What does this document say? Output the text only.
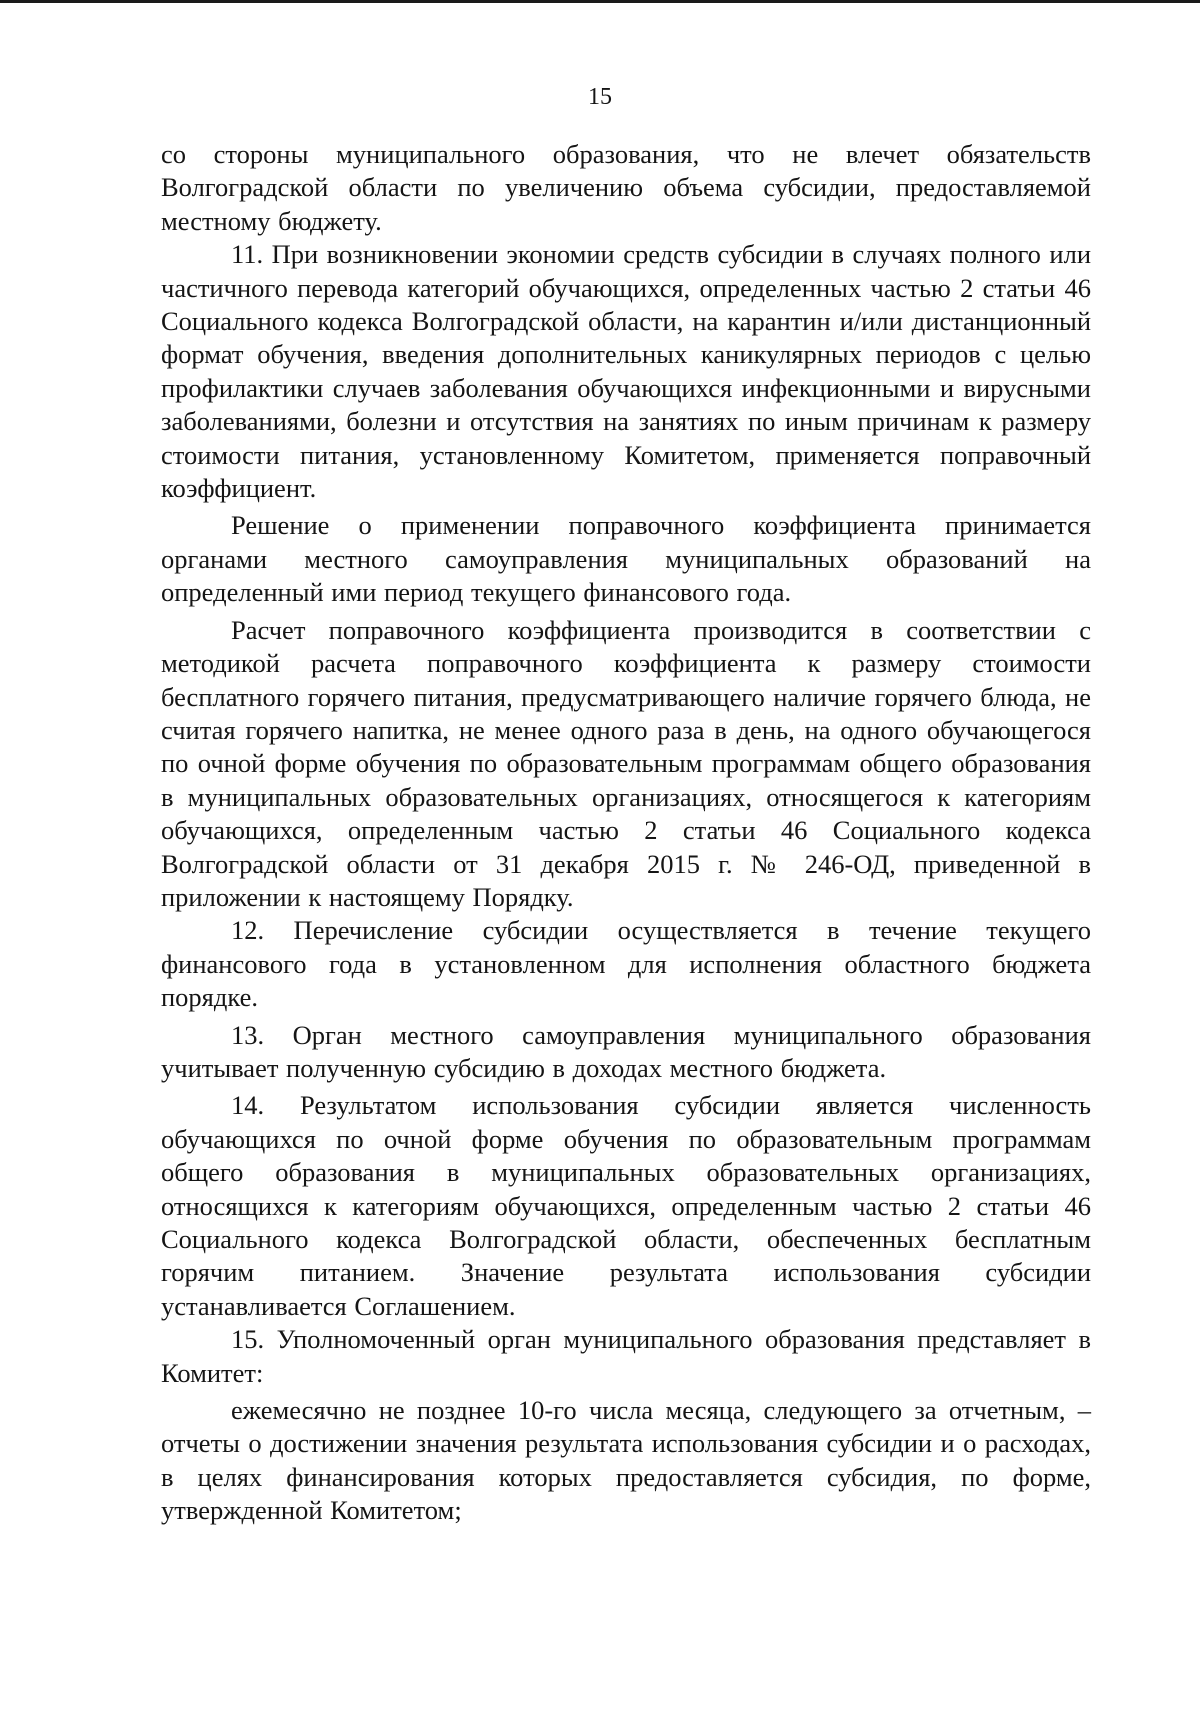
15

со стороны муниципального образования, что не влечет обязательств Волгоградской области по увеличению объема субсидии, предоставляемой местному бюджету.

11. При возникновении экономии средств субсидии в случаях полного или частичного перевода категорий обучающихся, определенных частью 2 статьи 46 Социального кодекса Волгоградской области, на карантин и/или дистанционный формат обучения, введения дополнительных каникулярных периодов с целью профилактики случаев заболевания обучающихся инфекционными и вирусными заболеваниями, болезни и отсутствия на занятиях по иным причинам к размеру стоимости питания, установленному Комитетом, применяется поправочный коэффициент.

Решение о применении поправочного коэффициента принимается органами местного самоуправления муниципальных образований на определенный ими период текущего финансового года.

Расчет поправочного коэффициента производится в соответствии с методикой расчета поправочного коэффициента к размеру стоимости бесплатного горячего питания, предусматривающего наличие горячего блюда, не считая горячего напитка, не менее одного раза в день, на одного обучающегося по очной форме обучения по образовательным программам общего образования в муниципальных образовательных организациях, относящегося к категориям обучающихся, определенным частью 2 статьи 46 Социального кодекса Волгоградской области от 31 декабря 2015 г. № 246-ОД, приведенной в приложении к настоящему Порядку.

12. Перечисление субсидии осуществляется в течение текущего финансового года в установленном для исполнения областного бюджета порядке.

13. Орган местного самоуправления муниципального образования учитывает полученную субсидию в доходах местного бюджета.

14. Результатом использования субсидии является численность обучающихся по очной форме обучения по образовательным программам общего образования в муниципальных образовательных организациях, относящихся к категориям обучающихся, определенным частью 2 статьи 46 Социального кодекса Волгоградской области, обеспеченных бесплатным горячим питанием. Значение результата использования субсидии устанавливается Соглашением.

15. Уполномоченный орган муниципального образования представляет в Комитет:

ежемесячно не позднее 10-го числа месяца, следующего за отчетным, – отчеты о достижении значения результата использования субсидии и о расходах, в целях финансирования которых предоставляется субсидия, по форме, утвержденной Комитетом;
